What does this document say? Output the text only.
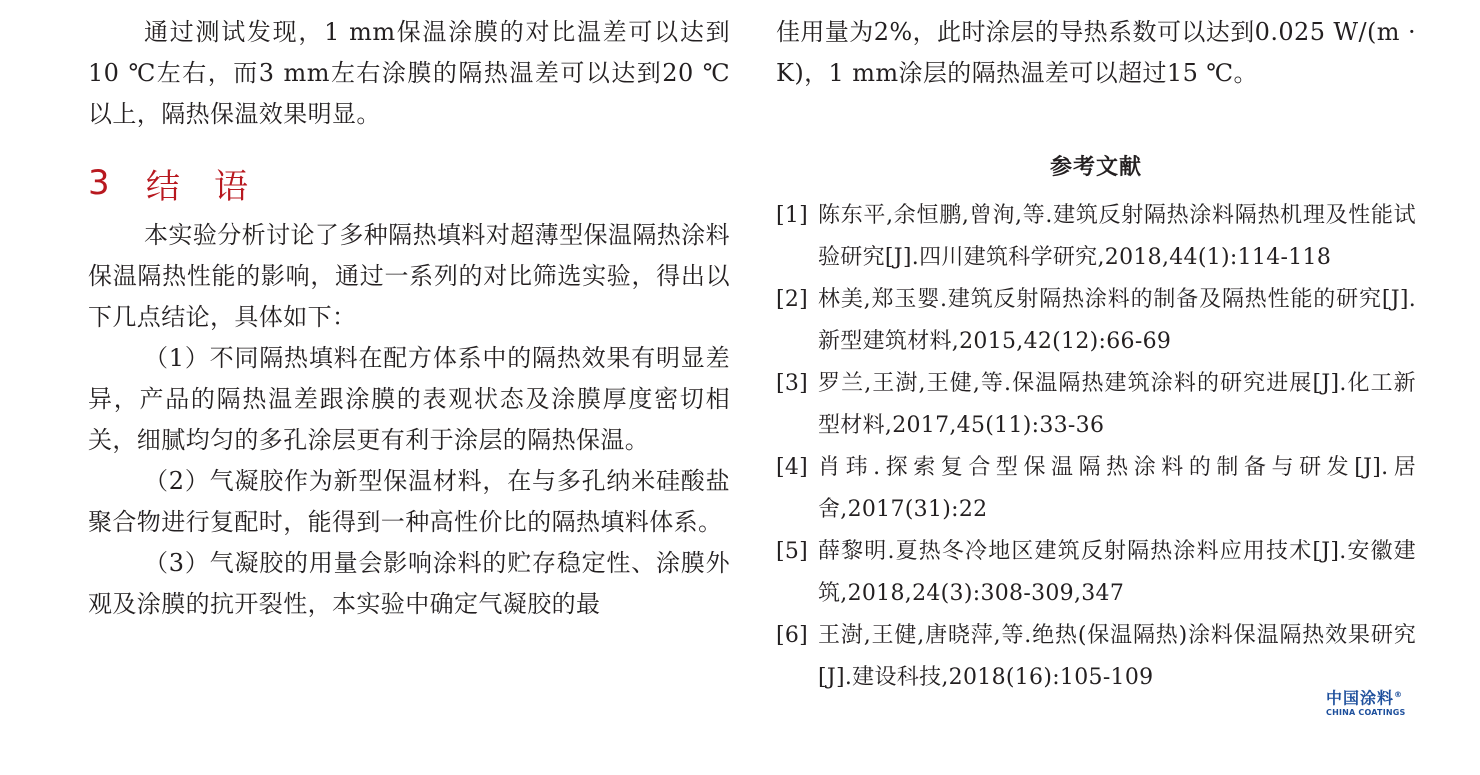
通过测试发现，1 mm保温涂膜的对比温差可以达到10 ℃左右，而3 mm左右涂膜的隔热温差可以达到20 ℃以上，隔热保温效果明显。

3	结语

本实验分析讨论了多种隔热填料对超薄型保温隔热涂料保温隔热性能的影响，通过一系列的对比筛选实验，得出以下几点结论，具体如下：

（1）不同隔热填料在配方体系中的隔热效果有明显差异，产品的隔热温差跟涂膜的表观状态及涂膜厚度密切相关，细腻均匀的多孔涂层更有利于涂层的隔热保温。

（2）气凝胶作为新型保温材料，在与多孔纳米硅酸盐聚合物进行复配时，能得到一种高性价比的隔热填料体系。

（3）气凝胶的用量会影响涂料的贮存稳定性、涂膜外观及涂膜的抗开裂性，本实验中确定气凝胶的最

佳用量为2%，此时涂层的导热系数可以达到0.025 W/(m · K)，1 mm涂层的隔热温差可以超过15 ℃。

参考文献
[1] 陈东平,余恒鹏,曾洵,等.建筑反射隔热涂料隔热机理及性能试验研究[J].四川建筑科学研究,2018,44(1):114-118
[2] 林美,郑玉婴.建筑反射隔热涂料的制备及隔热性能的研究[J].新型建筑材料,2015,42(12):66-69
[3] 罗兰,王澍,王健,等.保温隔热建筑涂料的研究进展[J].化工新型材料,2017,45(11):33-36
[4] 肖玮.探索复合型保温隔热涂料的制备与研发[J].居舍,2017(31):22
[5] 薛黎明.夏热冬冷地区建筑反射隔热涂料应用技术[J].安徽建筑,2018,24(3):308-309,347
[6] 王澍,王健,唐晓萍,等.绝热(保温隔热)涂料保温隔热效果研究[J].建设科技,2018(16):105-109
中国涂料®
CHINA COATINGS
